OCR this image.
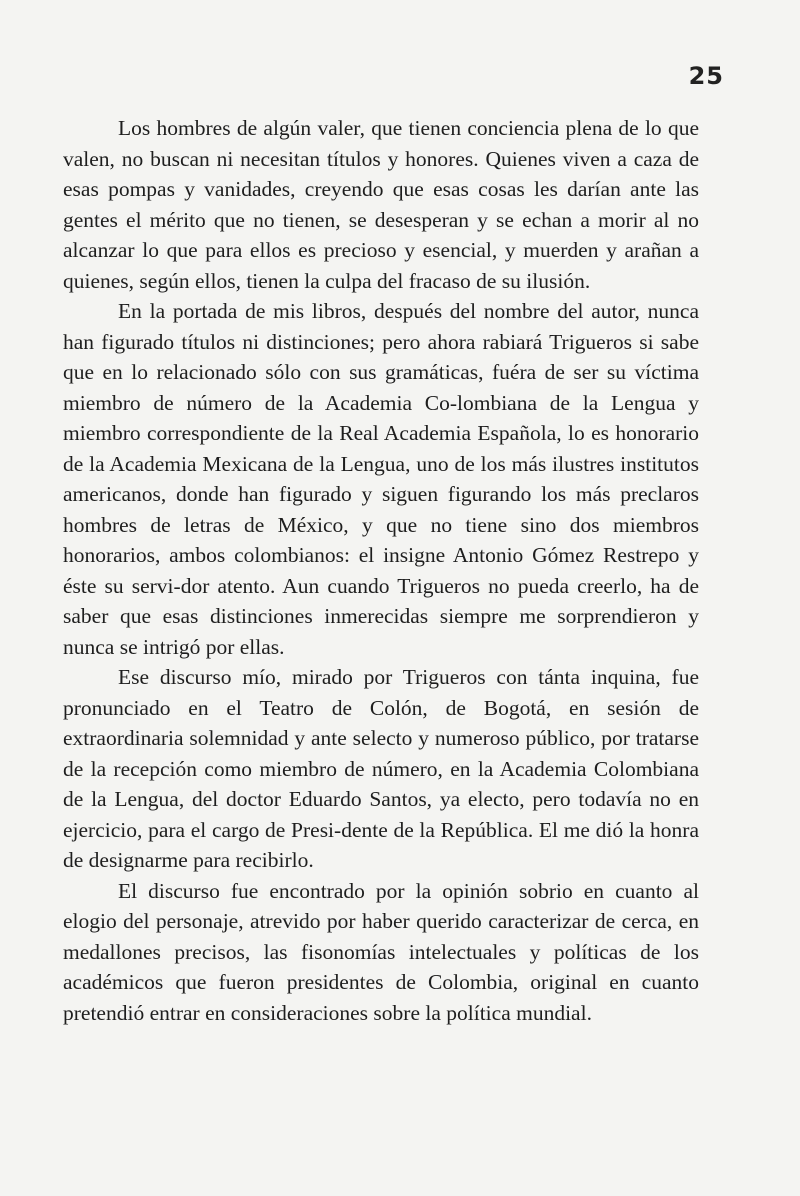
25

Los hombres de algún valer, que tienen conciencia plena de lo que valen, no buscan ni necesitan títulos y honores. Quienes viven a caza de esas pompas y vanidades, creyendo que esas cosas les darían ante las gentes el mérito que no tienen, se desesperan y se echan a morir al no alcanzar lo que para ellos es precioso y esencial, y muerden y arañan a quienes, según ellos, tienen la culpa del fracaso de su ilusión.

En la portada de mis libros, después del nombre del autor, nunca han figurado títulos ni distinciones; pero ahora rabiará Trigueros si sabe que en lo relacionado sólo con sus gramáticas, fuéra de ser su víctima miembro de número de la Academia Co-lombiana de la Lengua y miembro correspondiente de la Real Academia Española, lo es honorario de la Academia Mexicana de la Lengua, uno de los más ilustres institutos americanos, donde han figurado y siguen figurando los más preclaros hombres de letras de México, y que no tiene sino dos miembros honorarios, ambos colombianos: el insigne Antonio Gómez Restrepo y éste su servi-dor atento. Aun cuando Trigueros no pueda creerlo, ha de saber que esas distinciones inmerecidas siempre me sorprendieron y nunca se intrigó por ellas.

Ese discurso mío, mirado por Trigueros con tánta inquina, fue pronunciado en el Teatro de Colón, de Bogotá, en sesión de extraordinaria solemnidad y ante selecto y numeroso público, por tratarse de la recepción como miembro de número, en la Academia Colombiana de la Lengua, del doctor Eduardo Santos, ya electo, pero todavía no en ejercicio, para el cargo de Presi-dente de la República. El me dió la honra de designarme para recibirlo.

El discurso fue encontrado por la opinión sobrio en cuanto al elogio del personaje, atrevido por haber querido caracterizar de cerca, en medallones precisos, las fisonomías intelectuales y políticas de los académicos que fueron presidentes de Colombia, original en cuanto pretendió entrar en consideraciones sobre la política mundial.
